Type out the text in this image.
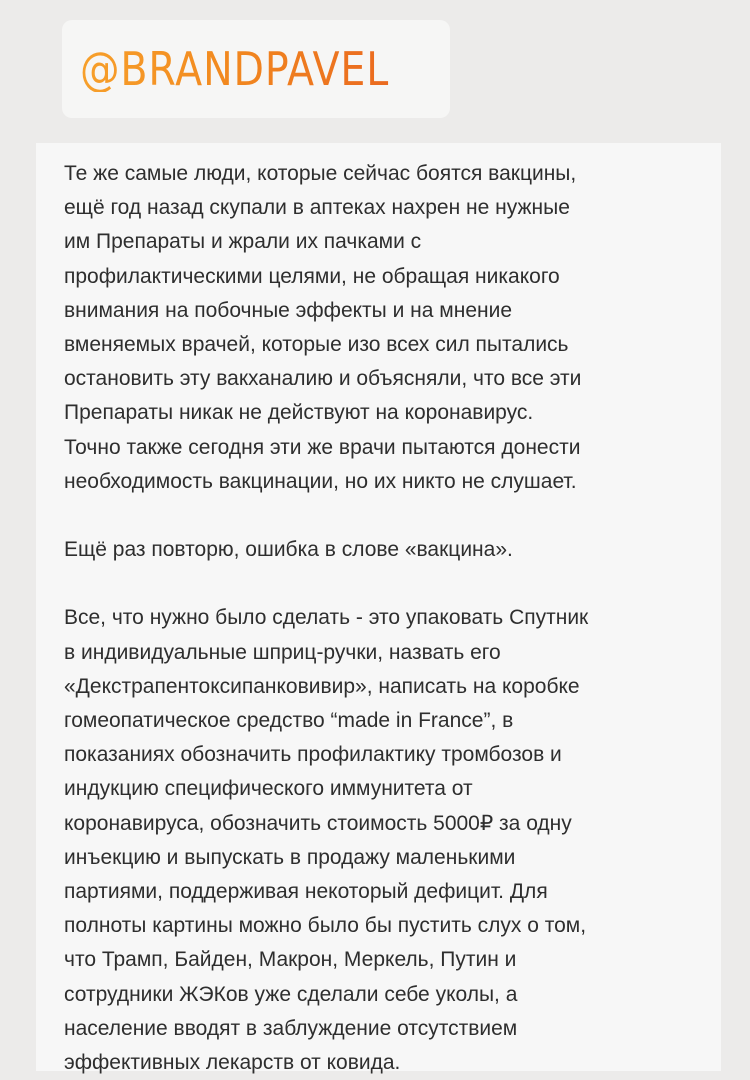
@BRANDPAVEL
Те же самые люди, которые сейчас боятся вакцины,
ещё год назад скупали в аптеках нахрен не нужные
им Препараты и жрали их пачками с
профилактическими целями, не обращая никакого
внимания на побочные эффекты и на мнение
вменяемых врачей, которые изо всех сил пытались
остановить эту вакханалию и объясняли, что все эти
Препараты никак не действуют на коронавирус.
Точно также сегодня эти же врачи пытаются донести
необходимость вакцинации, но их никто не слушает.
Ещё раз повторю, ошибка в слове «вакцина».
Все, что нужно было сделать - это упаковать Спутник
в индивидуальные шприц-ручки, назвать его
«Декстрапентоксипанковивир», написать на коробке
гомеопатическое средство “made in France”, в
показаниях обозначить профилактику тромбозов и
индукцию специфического иммунитета от
коронавируса, обозначить стоимость 5000₽ за одну
инъекцию и выпускать в продажу маленькими
партиями, поддерживая некоторый дефицит. Для
полноты картины можно было бы пустить слух о том,
что Трамп, Байден, Макрон, Меркель, Путин и
сотрудники ЖЭКов уже сделали себе уколы, а
население вводят в заблуждение отсутствием
эффективных лекарств от ковида.
